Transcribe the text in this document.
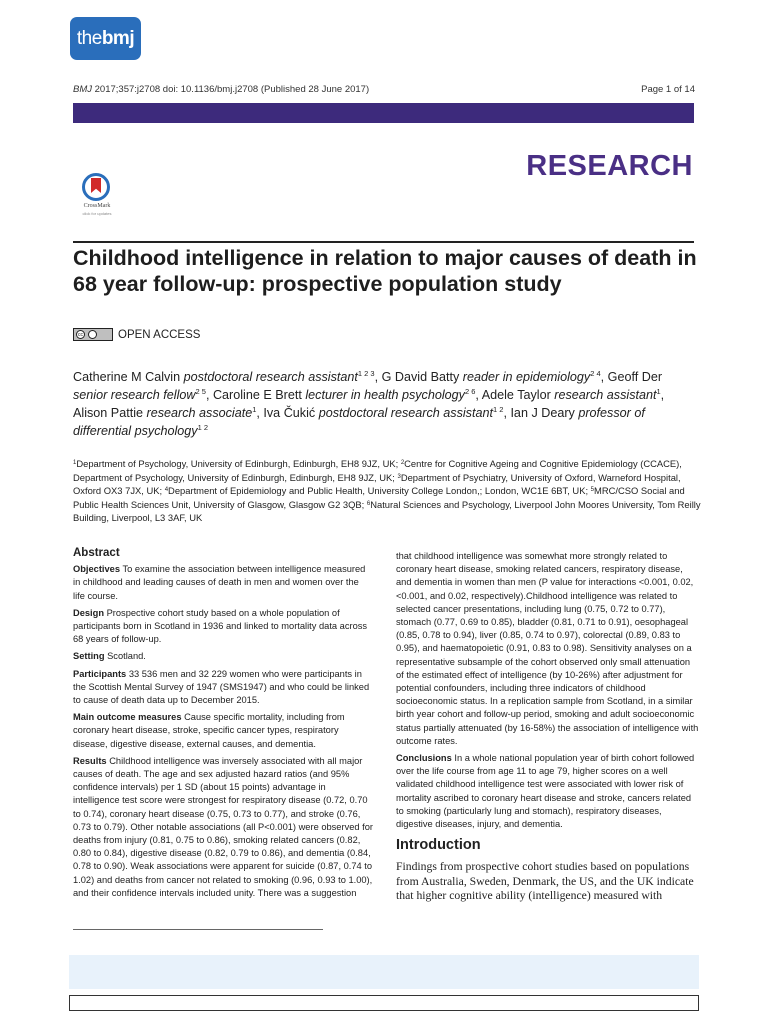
the bmj
BMJ 2017;357:j2708 doi: 10.1136/bmj.j2708 (Published 28 June 2017)	Page 1 of 14
RESEARCH
CrossMark
click for updates
Childhood intelligence in relation to major causes of death in 68 year follow-up: prospective population study
cc	OPEN ACCESS

Catherine M Calvin postdoctoral research assistant$^{1 2 3}$, G David Batty reader in epidemiology$^{2 4}$, Geoff Der senior research fellow$^{2 5}$, Caroline E Brett lecturer in health psychology$^{2 6}$, Adele Taylor research assistant$^1$, Alison Pattie research associate$^1$, Iva Čukić postdoctoral research assistant$^{1 2}$, Ian J Deary professor of differential psychology$^{1 2}$

$^1$Department of Psychology, University of Edinburgh, Edinburgh, EH8 9JZ, UK; $^2$Centre for Cognitive Ageing and Cognitive Epidemiology (CCACE), Department of Psychology, University of Edinburgh, Edinburgh, EH8 9JZ, UK; $^3$Department of Psychiatry, University of Oxford, Warneford Hospital, Oxford OX3 7JX, UK; $^4$Department of Epidemiology and Public Health, University College London,; London, WC1E 6BT, UK; $^5$MRC/CSO Social and Public Health Sciences Unit, University of Glasgow, Glasgow G2 3QB; $^6$Natural Sciences and Psychology, Liverpool John Moores University, Tom Reilly Building, Liverpool, L3 3AF, UK

Abstract

Objectives To examine the association between intelligence measured in childhood and leading causes of death in men and women over the life course.

Design Prospective cohort study based on a whole population of participants born in Scotland in 1936 and linked to mortality data across 68 years of follow-up.

Setting Scotland.

Participants 33 536 men and 32 229 women who were participants in the Scottish Mental Survey of 1947 (SMS1947) and who could be linked to cause of death data up to December 2015.

Main outcome measures Cause specific mortality, including from coronary heart disease, stroke, specific cancer types, respiratory disease, digestive disease, external causes, and dementia.

Results Childhood intelligence was inversely associated with all major causes of death. The age and sex adjusted hazard ratios (and 95% confidence intervals) per 1 SD (about 15 points) advantage in intelligence test score were strongest for respiratory disease (0.72, 0.70 to 0.74), coronary heart disease (0.75, 0.73 to 0.77), and stroke (0.76, 0.73 to 0.79). Other notable associations (all P<0.001) were observed for deaths from injury (0.81, 0.75 to 0.86), smoking related cancers (0.82, 0.80 to 0.84), digestive disease (0.82, 0.79 to 0.86), and dementia (0.84, 0.78 to 0.90). Weak associations were apparent for suicide (0.87, 0.74 to 1.02) and deaths from cancer not related to smoking (0.96, 0.93 to 1.00), and their confidence intervals included unity. There was a suggestion

that childhood intelligence was somewhat more strongly related to coronary heart disease, smoking related cancers, respiratory disease, and dementia in women than men (P value for interactions <0.001, 0.02, <0.001, and 0.02, respectively).Childhood intelligence was related to selected cancer presentations, including lung (0.75, 0.72 to 0.77), stomach (0.77, 0.69 to 0.85), bladder (0.81, 0.71 to 0.91), oesophageal (0.85, 0.78 to 0.94), liver (0.85, 0.74 to 0.97), colorectal (0.89, 0.83 to 0.95), and haematopoietic (0.91, 0.83 to 0.98). Sensitivity analyses on a representative subsample of the cohort observed only small attenuation of the estimated effect of intelligence (by 10-26%) after adjustment for potential confounders, including three indicators of childhood socioeconomic status. In a replication sample from Scotland, in a similar birth year cohort and follow-up period, smoking and adult socioeconomic status partially attenuated (by 16-58%) the association of intelligence with outcome rates.

Conclusions In a whole national population year of birth cohort followed over the life course from age 11 to age 79, higher scores on a well validated childhood intelligence test were associated with lower risk of mortality ascribed to coronary heart disease and stroke, cancers related to smoking (particularly lung and stomach), respiratory diseases, digestive diseases, injury, and dementia.

Introduction

Findings from prospective cohort studies based on populations from Australia, Sweden, Denmark, the US, and the UK indicate that higher cognitive ability (intelligence) measured with
